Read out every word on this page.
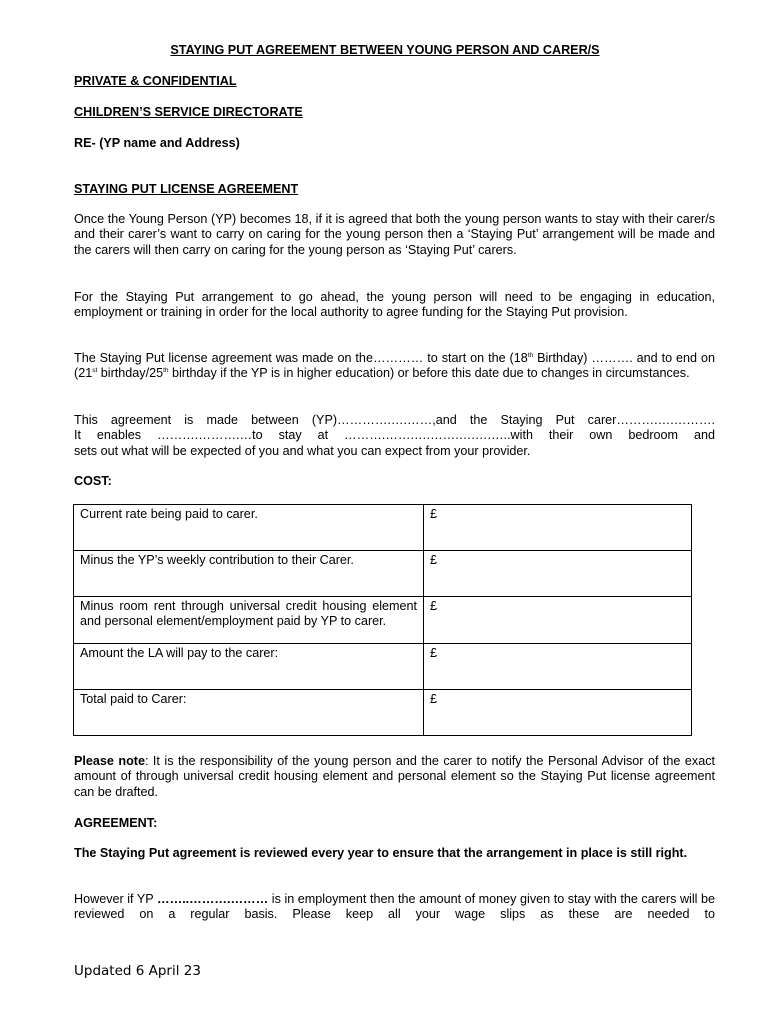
STAYING PUT AGREEMENT BETWEEN YOUNG PERSON AND CARER/S

PRIVATE & CONFIDENTIAL

CHILDREN’S SERVICE DIRECTORATE

RE- (YP name and Address)

STAYING PUT LICENSE AGREEMENT

Once the Young Person (YP) becomes 18, if it is agreed that both the young person wants to stay with their carer/s and their carer’s want to carry on caring for the young person then a ‘Staying Put’ arrangement will be made and the carers will then carry on caring for the young person as ‘Staying Put’ carers.

For the Staying Put arrangement to go ahead, the young person will need to be engaging in education, employment or training in order for the local authority to agree funding for the Staying Put provision.

The Staying Put license agreement was made on the………… to start on the (18th Birthday) ………. and to end on (21st birthday/25th birthday if the YP is in higher education) or before this date due to changes in circumstances.

This agreement is made between (YP)………….….……,and the Staying Put carer……….….……….
It enables ……….……….…to stay at ……….…….….…….….….…..with their own bedroom and
sets out what will be expected of you and what you can expect from your provider.

COST:

Current rate being paid to carer.	£
Minus the YP’s weekly contribution to their Carer.	£
Minus room rent through universal credit housing element and personal element/employment paid by YP to carer.	£
Amount the LA will pay to the carer:	£
Total paid to Carer:	£

Please note: It is the responsibility of the young person and the carer to notify the Personal Advisor of the exact amount of through universal credit housing element and personal element so the Staying Put license agreement can be drafted.

AGREEMENT:

The Staying Put agreement is reviewed every year to ensure that the arrangement in place is still right.

However if YP ……..……….……… is in employment then the amount of money given to stay with the carers will be reviewed on a regular basis. Please keep all your wage slips as these are needed to

Updated 6 April 23
